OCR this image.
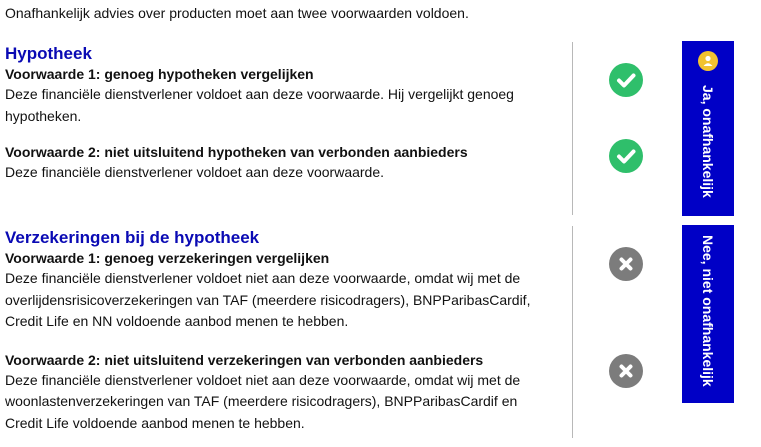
Onafhankelijk advies over producten moet aan twee voorwaarden voldoen.
Hypotheek
Voorwaarde 1: genoeg hypotheken vergelijken
Deze financiële dienstverlener voldoet aan deze voorwaarde. Hij vergelijkt genoeg
hypotheken.
Voorwaarde 2: niet uitsluitend hypotheken van verbonden aanbieders
Deze financiële dienstverlener voldoet aan deze voorwaarde.	Ja, onafhankelijk
Verzekeringen bij de hypotheek
Voorwaarde 1: genoeg verzekeringen vergelijken
Deze financiële dienstverlener voldoet niet aan deze voorwaarde, omdat wij met de
overlijdensrisicoverzekeringen van TAF (meerdere risicodragers), BNPParibasCardif,
Credit Life en NN voldoende aanbod menen te hebben.
Voorwaarde 2: niet uitsluitend verzekeringen van verbonden aanbieders
Deze financiële dienstverlener voldoet niet aan deze voorwaarde, omdat wij met de
woonlastenverzekeringen van TAF (meerdere risicodragers), BNPParibasCardif en
Credit Life voldoende aanbod menen te hebben.
Nee, niet onafhankelijk
